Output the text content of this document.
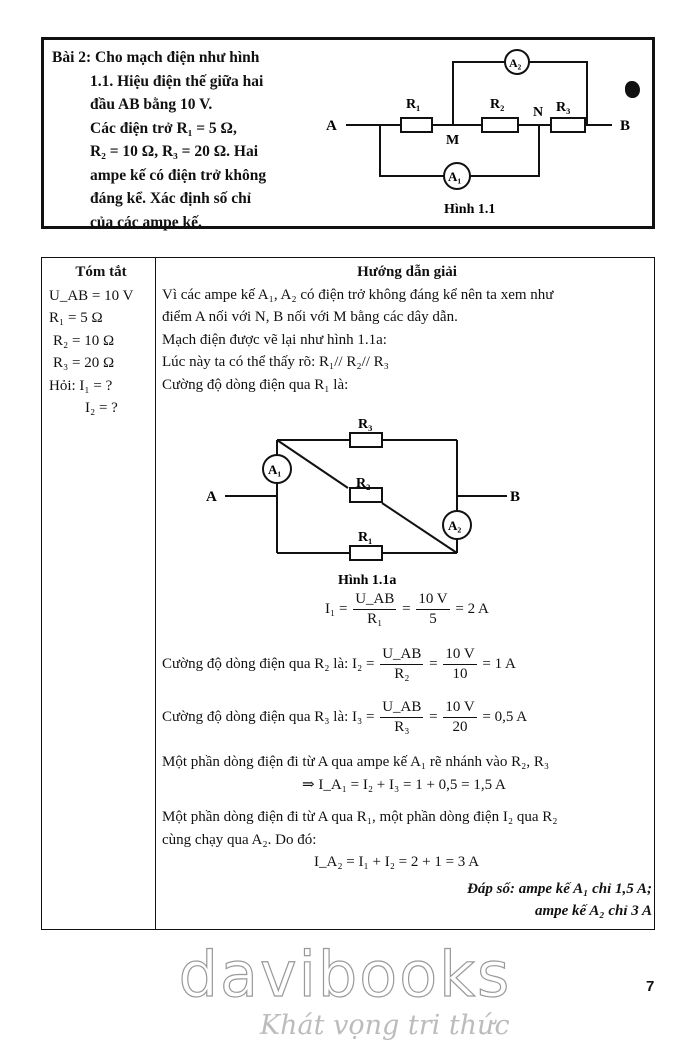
Bài 2: Cho mạch điện như hình
1.1. Hiệu điện thế giữa hai
đầu AB bằng 10 V.
Các điện trở R₁ = 5 Ω,
R₂ = 10 Ω, R₃ = 20 Ω. Hai
ampe kế có điện trở không
đáng kể. Xác định số chỉ
của các ampe kế.
A	B
M
N
R₁	R₂	R₃
A₂
A₁
Hình 1.1
Tóm tắt
U_AB = 10 V
R₁ = 5 Ω
R₂ = 10 Ω
R₃ = 20 Ω
Hỏi: I₁ = ?
I₂ = ?
Hướng dẫn giải
Vì các ampe kế A₁, A₂ có điện trở không đáng kể nên ta xem như
điểm A nối với N, B nối với M bằng các dây dẫn.
Mạch điện được vẽ lại như hình 1.1a:
Lúc này ta có thể thấy rõ: R₁// R₂// R₃
Cường độ dòng điện qua R₁ là:
A	B
R₃
R₂
R₁
A₁
A₂
Hình 1.1a
$I_1 = \frac{U\_AB}{\text{R₁}} = \frac{10 V}{5} = 2$ A
Cường độ dòng điện qua R₂ là: $I_2 = \frac{U\_AB}{\text{R₂}} = \frac{10 V}{10} = 1$ A
Cường độ dòng điện qua R₃ là: $I_3 = \frac{U\_AB}{\text{R₃}} = \frac{10 V}{20} = 0,5$ A
Một phần dòng điện đi từ A qua ampe kế A₁ rẽ nhánh vào R₂, R₃
⇒ I_A₁ = I₂ + I₃ = 1 + 0,5 = 1,5 A
Một phần dòng điện đi từ A qua R₁, một phần dòng điện I₂ qua R₂
cùng chạy qua A₂. Do đó:
I_A₂ = I₁ + I₂ = 2 + 1 = 3 A
Đáp số: ampe kế A₁ chỉ 1,5 A;
ampe kế A₂ chỉ 3 A
davibooks
Khát vọng tri thức
7
